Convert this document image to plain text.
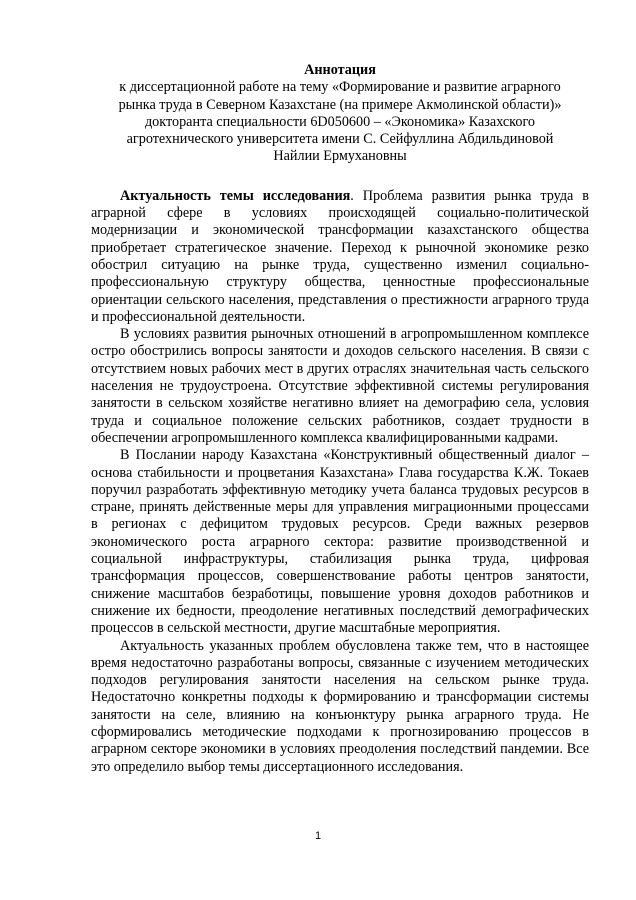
Аннотация

к диссертационной работе на тему «Формирование и развитие аграрного
рынка труда в Северном Казахстане (на примере Акмолинской области)»
докторанта специальности 6D050600 – «Экономика» Казахского
агротехнического университета имени С. Сейфуллина Абдильдиновой
Найлии Ермухановны

Актуальность темы исследования. Проблема развития рынка труда в аграрной сфере в условиях происходящей социально-политической модернизации и экономической трансформации казахстанского общества приобретает стратегическое значение. Переход к рыночной экономике резко обострил ситуацию на рынке труда, существенно изменил социально-профессиональную структуру общества, ценностные профессиональные ориентации сельского населения, представления о престижности аграрного труда и профессиональной деятельности.

В условиях развития рыночных отношений в агропромышленном комплексе остро обострились вопросы занятости и доходов сельского населения. В связи с отсутствием новых рабочих мест в других отраслях значительная часть сельского населения не трудоустроена. Отсутствие эффективной системы регулирования занятости в сельском хозяйстве негативно влияет на демографию села, условия труда и социальное положение сельских работников, создает трудности в обеспечении агропромышленного комплекса квалифицированными кадрами.

В Послании народу Казахстана «Конструктивный общественный диалог – основа стабильности и процветания Казахстана» Глава государства К.Ж. Токаев поручил разработать эффективную методику учета баланса трудовых ресурсов в стране, принять действенные меры для управления миграционными процессами в регионах с дефицитом трудовых ресурсов. Среди важных резервов экономического роста аграрного сектора: развитие производственной и социальной инфраструктуры, стабилизация рынка труда, цифровая трансформация процессов, совершенствование работы центров занятости, снижение масштабов безработицы, повышение уровня доходов работников и снижение их бедности, преодоление негативных последствий демографических процессов в сельской местности, другие масштабные мероприятия.

Актуальность указанных проблем обусловлена также тем, что в настоящее время недостаточно разработаны вопросы, связанные с изучением методических подходов регулирования занятости населения на сельском рынке труда. Недостаточно конкретны подходы к формированию и трансформации системы занятости на селе, влиянию на конъюнктуру рынка аграрного труда. Не сформировались методические подходами к прогнозированию процессов в аграрном секторе экономики в условиях преодоления последствий пандемии. Все это определило выбор темы диссертационного исследования.

1
